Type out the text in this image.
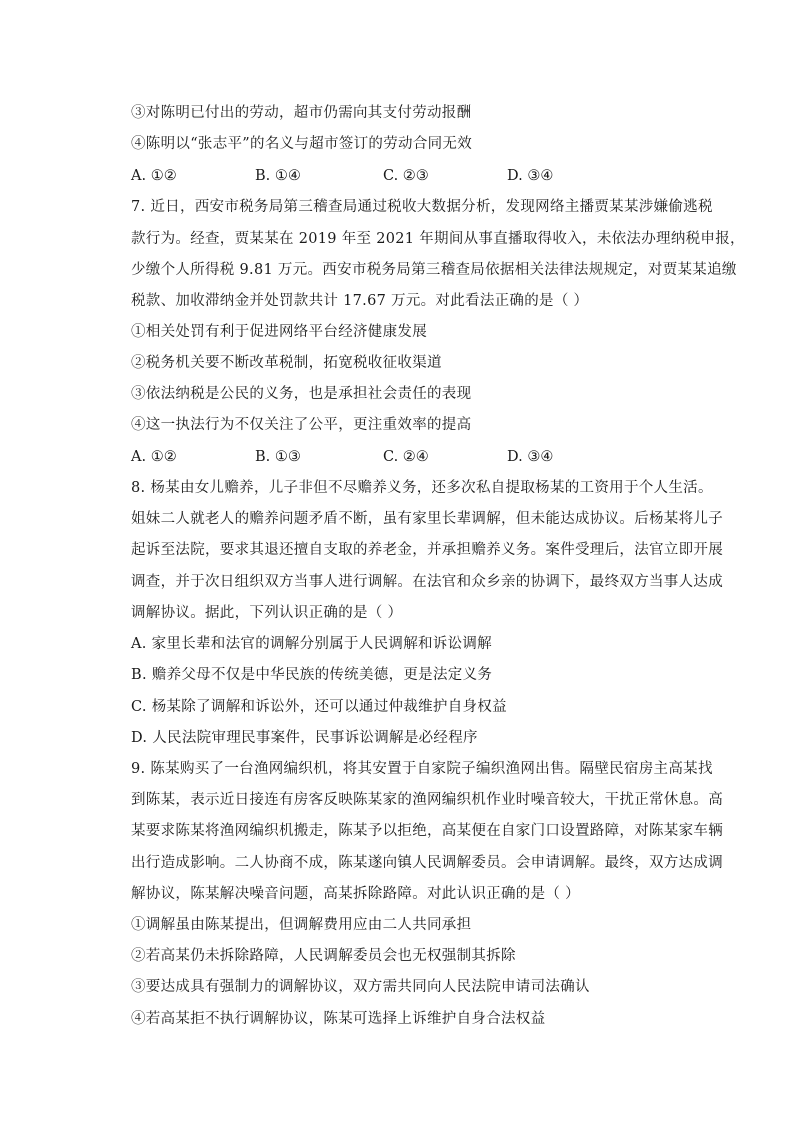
③对陈明已付出的劳动，超市仍需向其支付劳动报酬
④陈明以“张志平”的名义与超市签订的劳动合同无效
A. ①②	B. ①④	C. ②③	D. ③④
7. 近日，西安市税务局第三稽查局通过税收大数据分析，发现网络主播贾某某涉嫌偷逃税
款行为。经查，贾某某在 2019 年至 2021 年期间从事直播取得收入，未依法办理纳税申报，
少缴个人所得税 9.81 万元。西安市税务局第三稽查局依据相关法律法规规定，对贾某某追缴
税款、加收滞纳金并处罚款共计 17.67 万元。对此看法正确的是（ ）
①相关处罚有利于促进网络平台经济健康发展
②税务机关要不断改革税制，拓宽税收征收渠道
③依法纳税是公民的义务，也是承担社会责任的表现
④这一执法行为不仅关注了公平，更注重效率的提高
A. ①②	B. ①③	C. ②④	D. ③④
8. 杨某由女儿赡养，儿子非但不尽赡养义务，还多次私自提取杨某的工资用于个人生活。
姐妹二人就老人的赡养问题矛盾不断，虽有家里长辈调解，但未能达成协议。后杨某将儿子
起诉至法院，要求其退还擅自支取的养老金，并承担赡养义务。案件受理后，法官立即开展
调查，并于次日组织双方当事人进行调解。在法官和众乡亲的协调下，最终双方当事人达成
调解协议。据此，下列认识正确的是（ ）
A. 家里长辈和法官的调解分别属于人民调解和诉讼调解
B. 赡养父母不仅是中华民族的传统美德，更是法定义务
C. 杨某除了调解和诉讼外，还可以通过仲裁维护自身权益
D. 人民法院审理民事案件，民事诉讼调解是必经程序
9. 陈某购买了一台渔网编织机，将其安置于自家院子编织渔网出售。隔壁民宿房主高某找
到陈某，表示近日接连有房客反映陈某家的渔网编织机作业时噪音较大，干扰正常休息。高
某要求陈某将渔网编织机搬走，陈某予以拒绝，高某便在自家门口设置路障，对陈某家车辆
出行造成影响。二人协商不成，陈某遂向镇人民调解委员。会申请调解。最终，双方达成调
解协议，陈某解决噪音问题，高某拆除路障。对此认识正确的是（ ）
①调解虽由陈某提出，但调解费用应由二人共同承担
②若高某仍未拆除路障，人民调解委员会也无权强制其拆除
③要达成具有强制力的调解协议，双方需共同向人民法院申请司法确认
④若高某拒不执行调解协议，陈某可选择上诉维护自身合法权益
